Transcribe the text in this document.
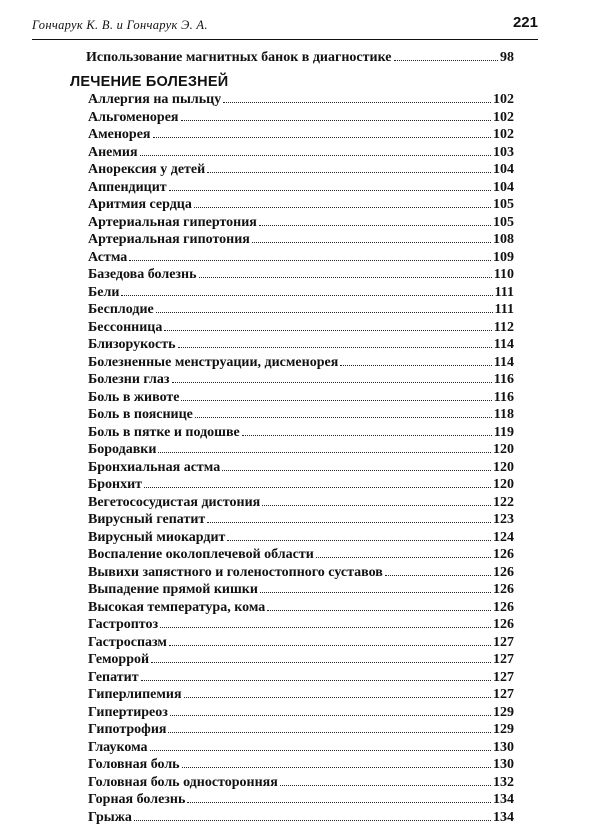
Гончарук К. В. и Гончарук Э. А.	221
Использование магнитных банок в диагностике	98
ЛЕЧЕНИЕ БОЛЕЗНЕЙ
Аллергия на пыльцу	102
Альгоменорея	102
Аменорея	102
Анемия	103
Анорексия у детей	104
Аппендицит	104
Аритмия сердца	105
Артериальная гипертония	105
Артериальная гипотония	108
Астма	109
Базедова болезнь	110
Бели	111
Бесплодие	111
Бессонница	112
Близорукость	114
Болезненные менструации, дисменорея	114
Болезни глаз	116
Боль в животе	116
Боль в пояснице	118
Боль в пятке и подошве	119
Бородавки	120
Бронхиальная астма	120
Бронхит	120
Вегетососудистая дистония	122
Вирусный гепатит	123
Вирусный миокардит	124
Воспаление околоплечевой области	126
Вывихи запястного и голеностопного суставов	126
Выпадение прямой кишки	126
Высокая температура, кома	126
Гастроптоз	126
Гастроспазм	127
Геморрой	127
Гепатит	127
Гиперлипемия	127
Гипертиреоз	129
Гипотрофия	129
Глаукома	130
Головная боль	130
Головная боль односторонняя	132
Горная болезнь	134
Грыжа	134
